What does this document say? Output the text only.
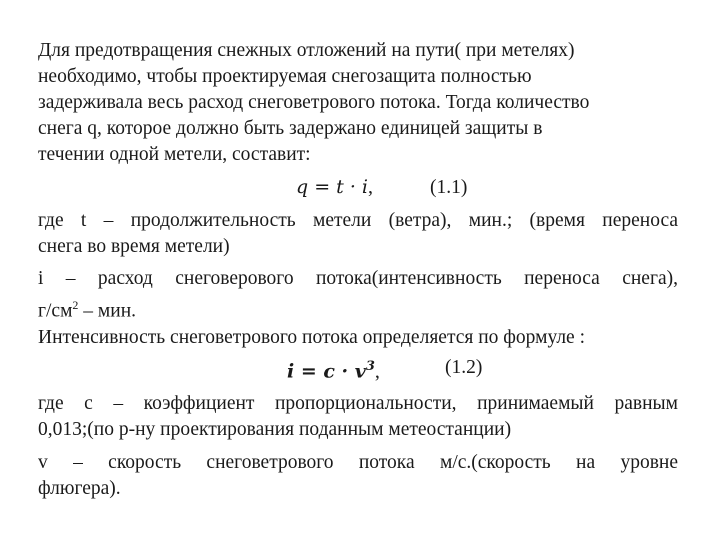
Для предотвращения снежных отложений на пути( при метелях)
необходимо, чтобы проектируемая снегозащита полностью
задерживала весь расход снеговетрового потока. Тогда количество
снега q, которое должно быть задержано единицей защиты в
течении одной метели, составит:
q = t · i,	(1.1)
где t – продолжительность метели (ветра), мин.; (время переноса
снега во время метели)
i – расход снеговерового потока(интенсивность переноса снега),
$г/см^2$ – мин.
Интенсивность снеговетрового потока определяется по формуле :
$i = c \cdot v^3$,	(1.2)
где с – коэффициент пропорциональности, принимаемый равным
0,013;(по р-ну проектирования поданным метеостанции)
v – скорость снеговетрового потока м/с.(скорость на уровне
флюгера).
